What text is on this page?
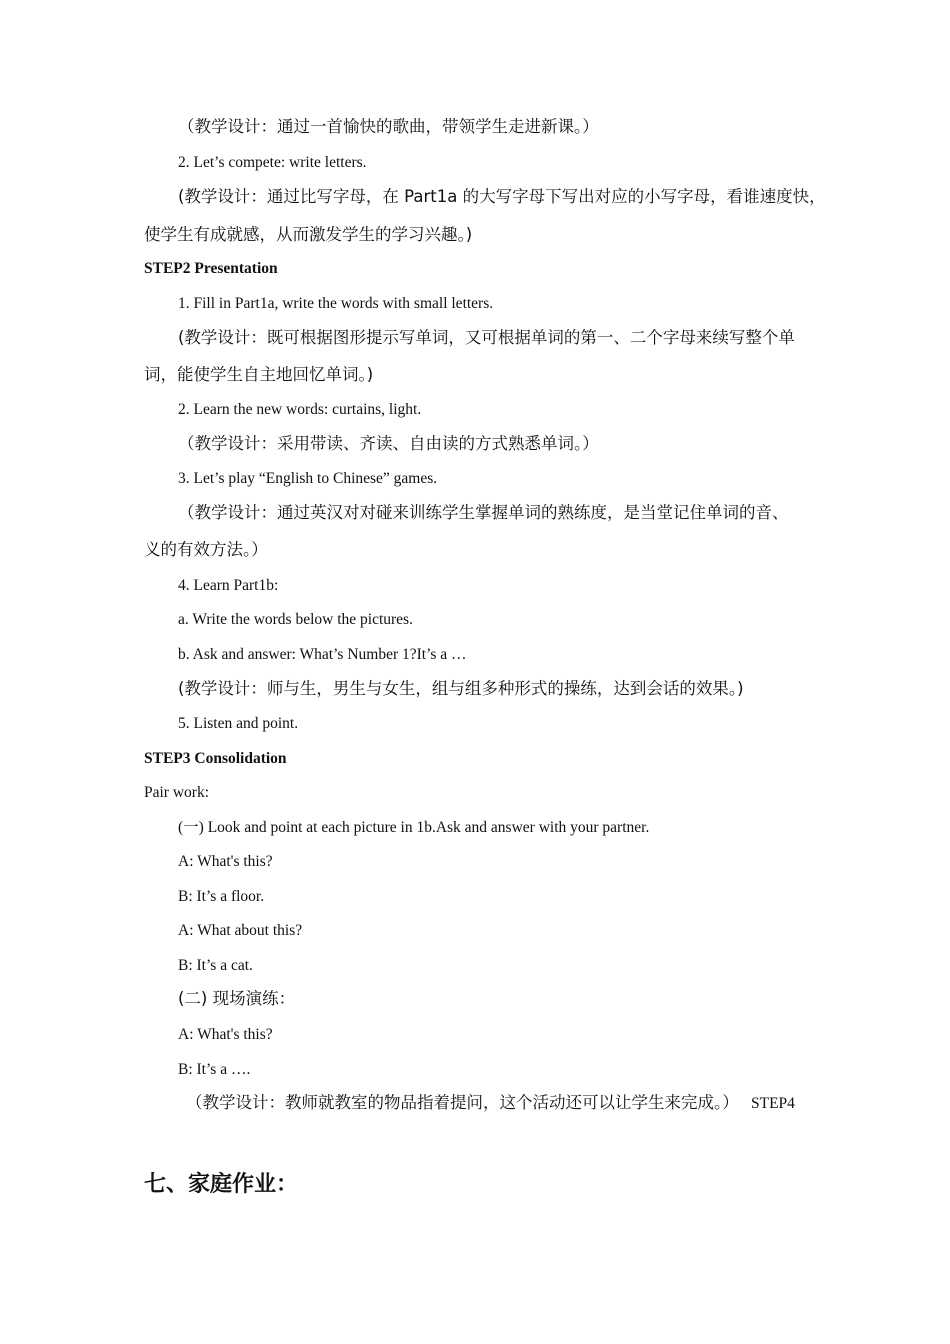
（教学设计：通过一首愉快的歌曲，带领学生走进新课。）
2. Let’s compete: write letters.
(教学设计：通过比写字母，在 Part1a 的大写字母下写出对应的小写字母，看谁速度快，
使学生有成就感，从而激发学生的学习兴趣。)
STEP2 Presentation
1. Fill in Part1a, write the words with small letters.
(教学设计：既可根据图形提示写单词，又可根据单词的第一、二个字母来续写整个单
词，能使学生自主地回忆单词。)
2. Learn the new words: curtains, light.
（教学设计：采用带读、齐读、自由读的方式熟悉单词。）
3. Let’s play “English to Chinese” games.
（教学设计：通过英汉对对碰来训练学生掌握单词的熟练度，是当堂记住单词的音、
义的有效方法。）
4. Learn Part1b:
a. Write the words below the pictures.
b. Ask and answer: What’s Number 1?It’s a …
(教学设计：师与生，男生与女生，组与组多种形式的操练，达到会话的效果。)
5. Listen and point.
STEP3 Consolidation
Pair work:
(一) Look and point at each picture in 1b.Ask and answer with your partner.
A: What's this?
B: It’s a floor.
A: What about this?
B: It’s a cat.
(二) 现场演练：
A: What's this?
B: It’s a ….
（教学设计：教师就教室的物品指着提问，这个活动还可以让学生来完成。） STEP4
七、家庭作业：
